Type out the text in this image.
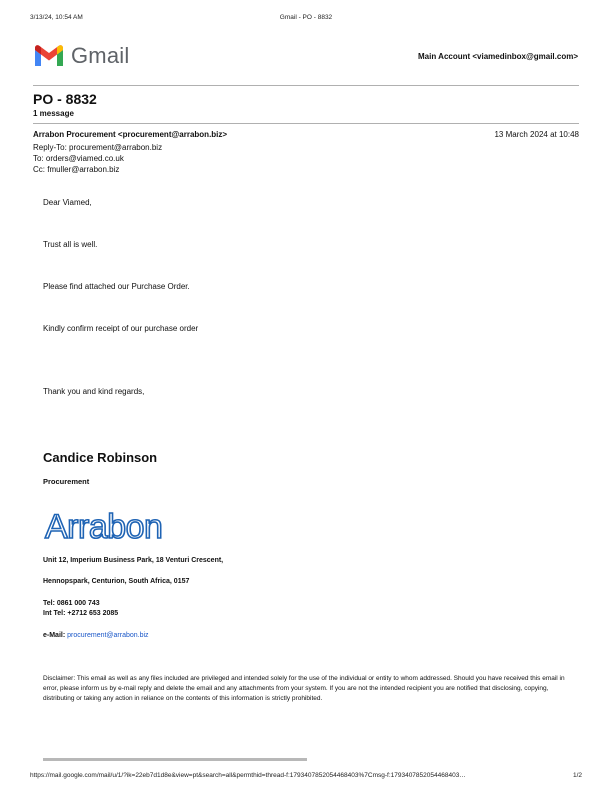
3/13/24, 10:54 AM	Gmail - PO - 8832
Gmail	Main Account <viamedinbox@gmail.com>
PO - 8832
1 message
Arrabon Procurement <procurement@arrabon.biz>	13 March 2024 at 10:48
Reply-To: procurement@arrabon.biz
To: orders@viamed.co.uk
Cc: fmuller@arrabon.biz
Dear Viamed,
Trust all is well.
Please find attached our Purchase Order.
Kindly confirm receipt of our purchase order
Thank you and kind regards,
Candice Robinson
Procurement
Arrabon
Unit 12, Imperium Business Park, 18 Venturi Crescent,
Hennopspark, Centurion, South Africa, 0157
Tel: 0861 000 743
Int Tel: +2712 653 2085
e-Mail: procurement@arrabon.biz
Disclaimer: This email as well as any files included are privileged and intended solely for the use of the individual or entity to whom addressed. Should you have received this email in error, please inform us by e-mail reply and delete the email and any attachments from your system. If you are not the intended recipient you are notified that disclosing, copying, distributing or taking any action in reliance on the contents of this information is strictly prohibited.
https://mail.google.com/mail/u/1/?ik=22eb7d1d8e&view=pt&search=all&permthid=thread-f:1793407852054468403%7Cmsg-f:1793407852054468403…	1/2
